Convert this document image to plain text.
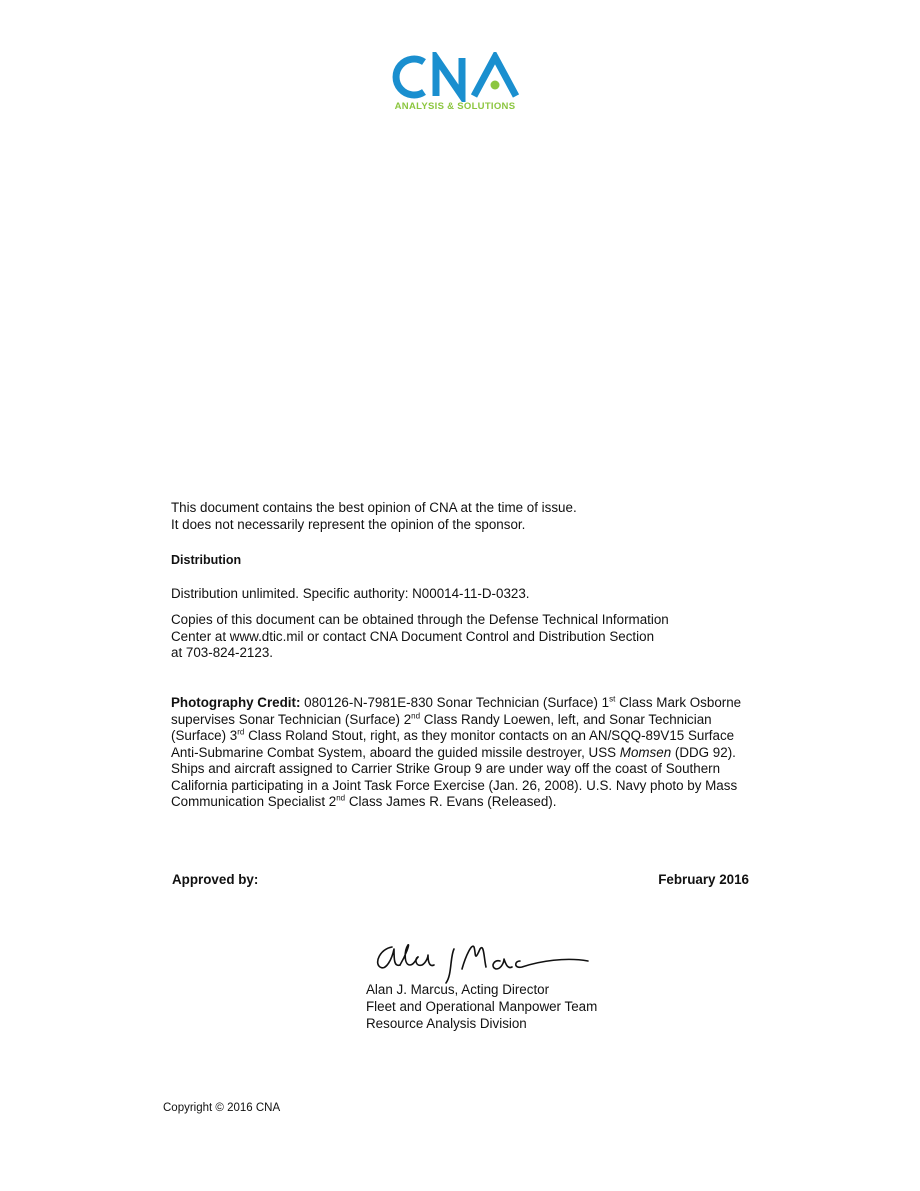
ANALYSIS & SOLUTIONS

This document contains the best opinion of CNA at the time of issue.

It does not necessarily represent the opinion of the sponsor.

Distribution
Distribution unlimited. Specific authority: N00014-11-D-0323.

Copies of this document can be obtained through the Defense Technical Information

Center at www.dtic.mil or contact CNA Document Control and Distribution Section

at 703-824-2123.

Photography Credit: 080126-N-7981E-830 Sonar Technician (Surface) 1st Class Mark Osborne supervises Sonar Technician (Surface) 2nd Class Randy Loewen, left, and Sonar Technician (Surface) 3rd Class Roland Stout, right, as they monitor contacts on an AN/SQQ-89V15 Surface Anti-Submarine Combat System, aboard the guided missile destroyer, USS Momsen (DDG 92). Ships and aircraft assigned to Carrier Strike Group 9 are under way off the coast of Southern California participating in a Joint Task Force Exercise (Jan. 26, 2008). U.S. Navy photo by Mass Communication Specialist 2nd Class James R. Evans (Released).

Approved by:	February 2016
Alan J. Marcus, Acting Director
Fleet and Operational Manpower Team
Resource Analysis Division
Copyright © 2016 CNA
